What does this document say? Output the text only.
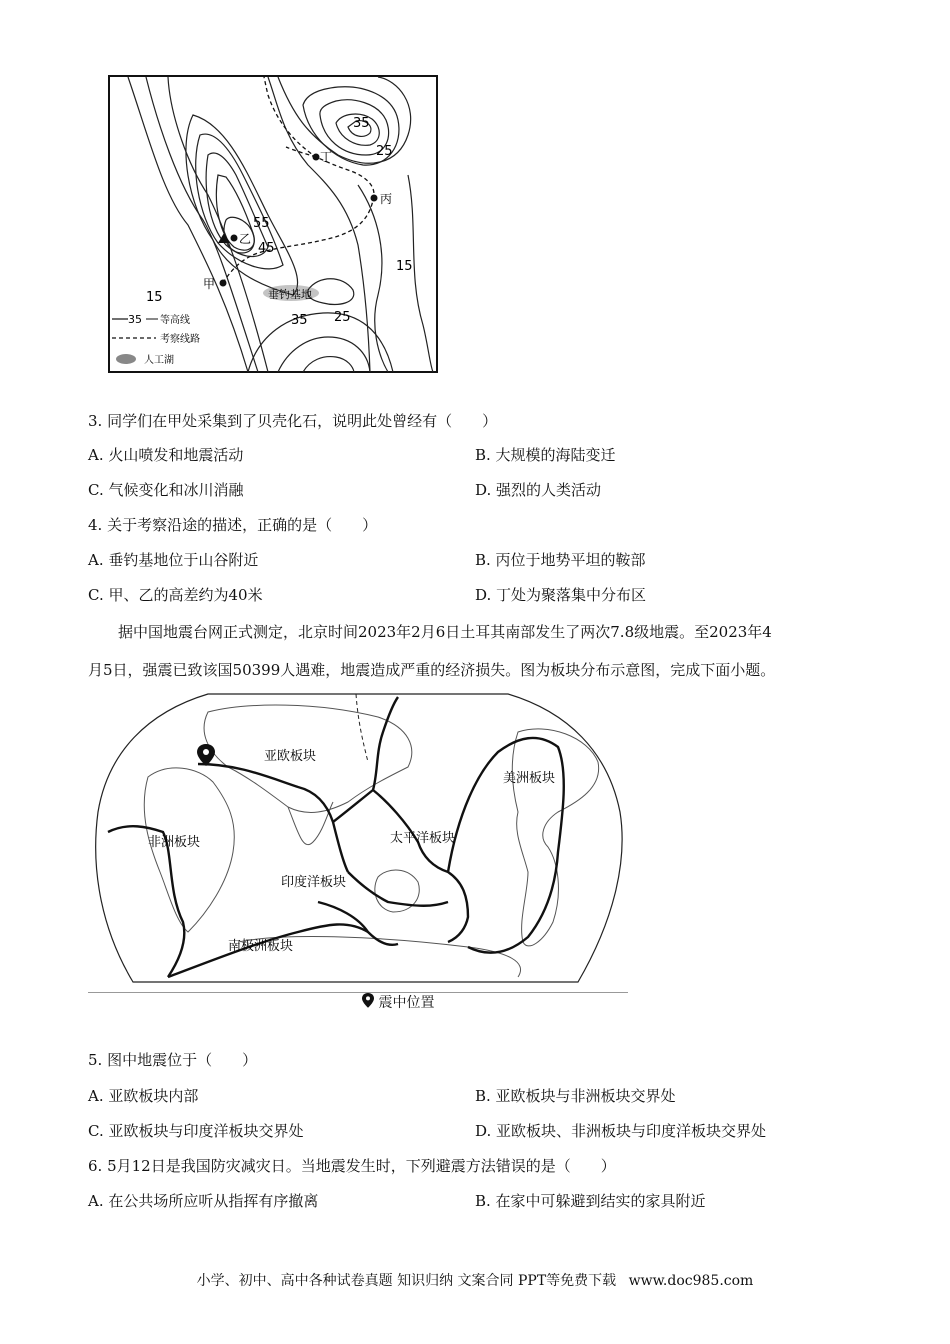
55
45
35
25
15
15
35 25
甲
乙
丙
丁
垂钓基地
35 等高线
考察线路
人工湖
3. 同学们在甲处采集到了贝壳化石，说明此处曾经有（　　）
A. 火山喷发和地震活动	B. 大规模的海陆变迁
C. 气候变化和冰川消融	D. 强烈的人类活动
4. 关于考察沿途的描述，正确的是（　　）
A. 垂钓基地位于山谷附近	B. 丙位于地势平坦的鞍部
C. 甲、乙的高差约为40米	D. 丁处为聚落集中分布区
据中国地震台网正式测定，北京时间2023年2月6日土耳其南部发生了两次7.8级地震。至2023年4
月5日，强震已致该国50399人遇难，地震造成严重的经济损失。图为板块分布示意图，完成下面小题。
亚欧板块
美洲板块
非洲板块	太平洋板块
印度洋板块
南极洲板块
震中位置
5. 图中地震位于（　　）
A. 亚欧板块内部	B. 亚欧板块与非洲板块交界处
C. 亚欧板块与印度洋板块交界处	D. 亚欧板块、非洲板块与印度洋板块交界处
6. 5月12日是我国防灾减灾日。当地震发生时，下列避震方法错误的是（　　）
A. 在公共场所应听从指挥有序撤离	B. 在家中可躲避到结实的家具附近
小学、初中、高中各种试卷真题 知识归纳 文案合同 PPT等免费下载 www.doc985.com
